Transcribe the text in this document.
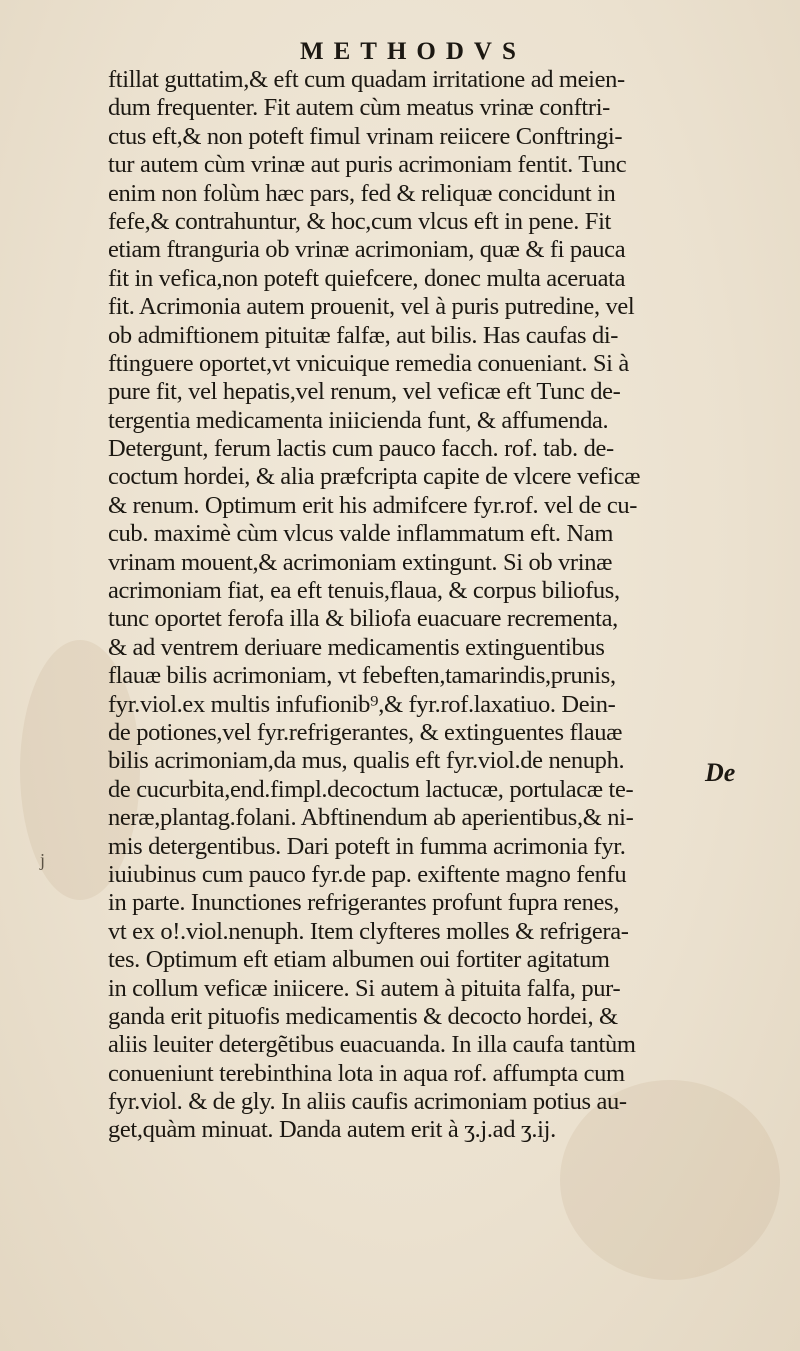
METHODVS
ftillat guttatim,& eft cum quadam irritatione ad meien-
dum frequenter. Fit autem cùm meatus vrinæ conftri-
ctus eft,& non poteft fimul vrinam reiicere Conftringi-
tur autem cùm vrinæ aut puris acrimoniam fentit. Tunc
enim non folùm hæc pars, fed & reliquæ concidunt in
fefe,& contrahuntur, & hoc,cum vlcus eft in pene. Fit
etiam ftranguria ob vrinæ acrimoniam, quæ & fi pauca
fit in vefica,non poteft quiefcere, donec multa aceruata
fit. Acrimonia autem prouenit, vel à puris putredine, vel
ob admiftionem pituitæ falfæ, aut bilis. Has caufas di-
ftinguere oportet,vt vnicuique remedia conueniant. Si à
pure fit, vel hepatis,vel renum, vel veficæ eft Tunc de-
tergentia medicamenta iniicienda funt, & affumenda.
Detergunt, ferum lactis cum pauco facch. rof. tab. de-
coctum hordei, & alia præfcripta capite de vlcere veficæ
& renum. Optimum erit his admifcere fyr.rof. vel de cu-
cub. maximè cùm vlcus valde inflammatum eft. Nam
vrinam mouent,& acrimoniam extingunt. Si ob vrinæ
acrimoniam fiat, ea eft tenuis,flaua, & corpus biliofus,
tunc oportet ferofa illa & biliofa euacuare recrementa,
& ad ventrem deriuare medicamentis extinguentibus
flauæ bilis acrimoniam, vt febeften,tamarindis,prunis,
fyr.viol.ex multis infufionib⁹,& fyr.rof.laxatiuo. Dein-
de potiones,vel fyr.refrigerantes, & extinguentes flauæ
bilis acrimoniam,da mus, qualis eft fyr.viol.de nenuph.
de cucurbita,end.fimpl.decoctum lactucæ, portulacæ te-
neræ,plantag.folani. Abftinendum ab aperientibus,& ni-
mis detergentibus. Dari poteft in fumma acrimonia fyr.
iuiubinus cum pauco fyr.de pap. exiftente magno fenfu
in parte. Inunctiones refrigerantes profunt fupra renes,
vt ex o!.viol.nenuph. Item clyfteres molles & refrigera-
tes. Optimum eft etiam albumen oui fortiter agitatum
in collum veficæ iniicere. Si autem à pituita falfa, pur-
ganda erit pituofis medicamentis & decocto hordei, &
aliis leuiter detergẽtibus euacuanda. In illa caufa tantùm
conueniunt terebinthina lota in aqua rof. affumpta cum
fyr.viol. & de gly. In aliis caufis acrimoniam potius au-
get,quàm minuat. Danda autem erit à ʒ.j.ad ʒ.ij.
De
j
